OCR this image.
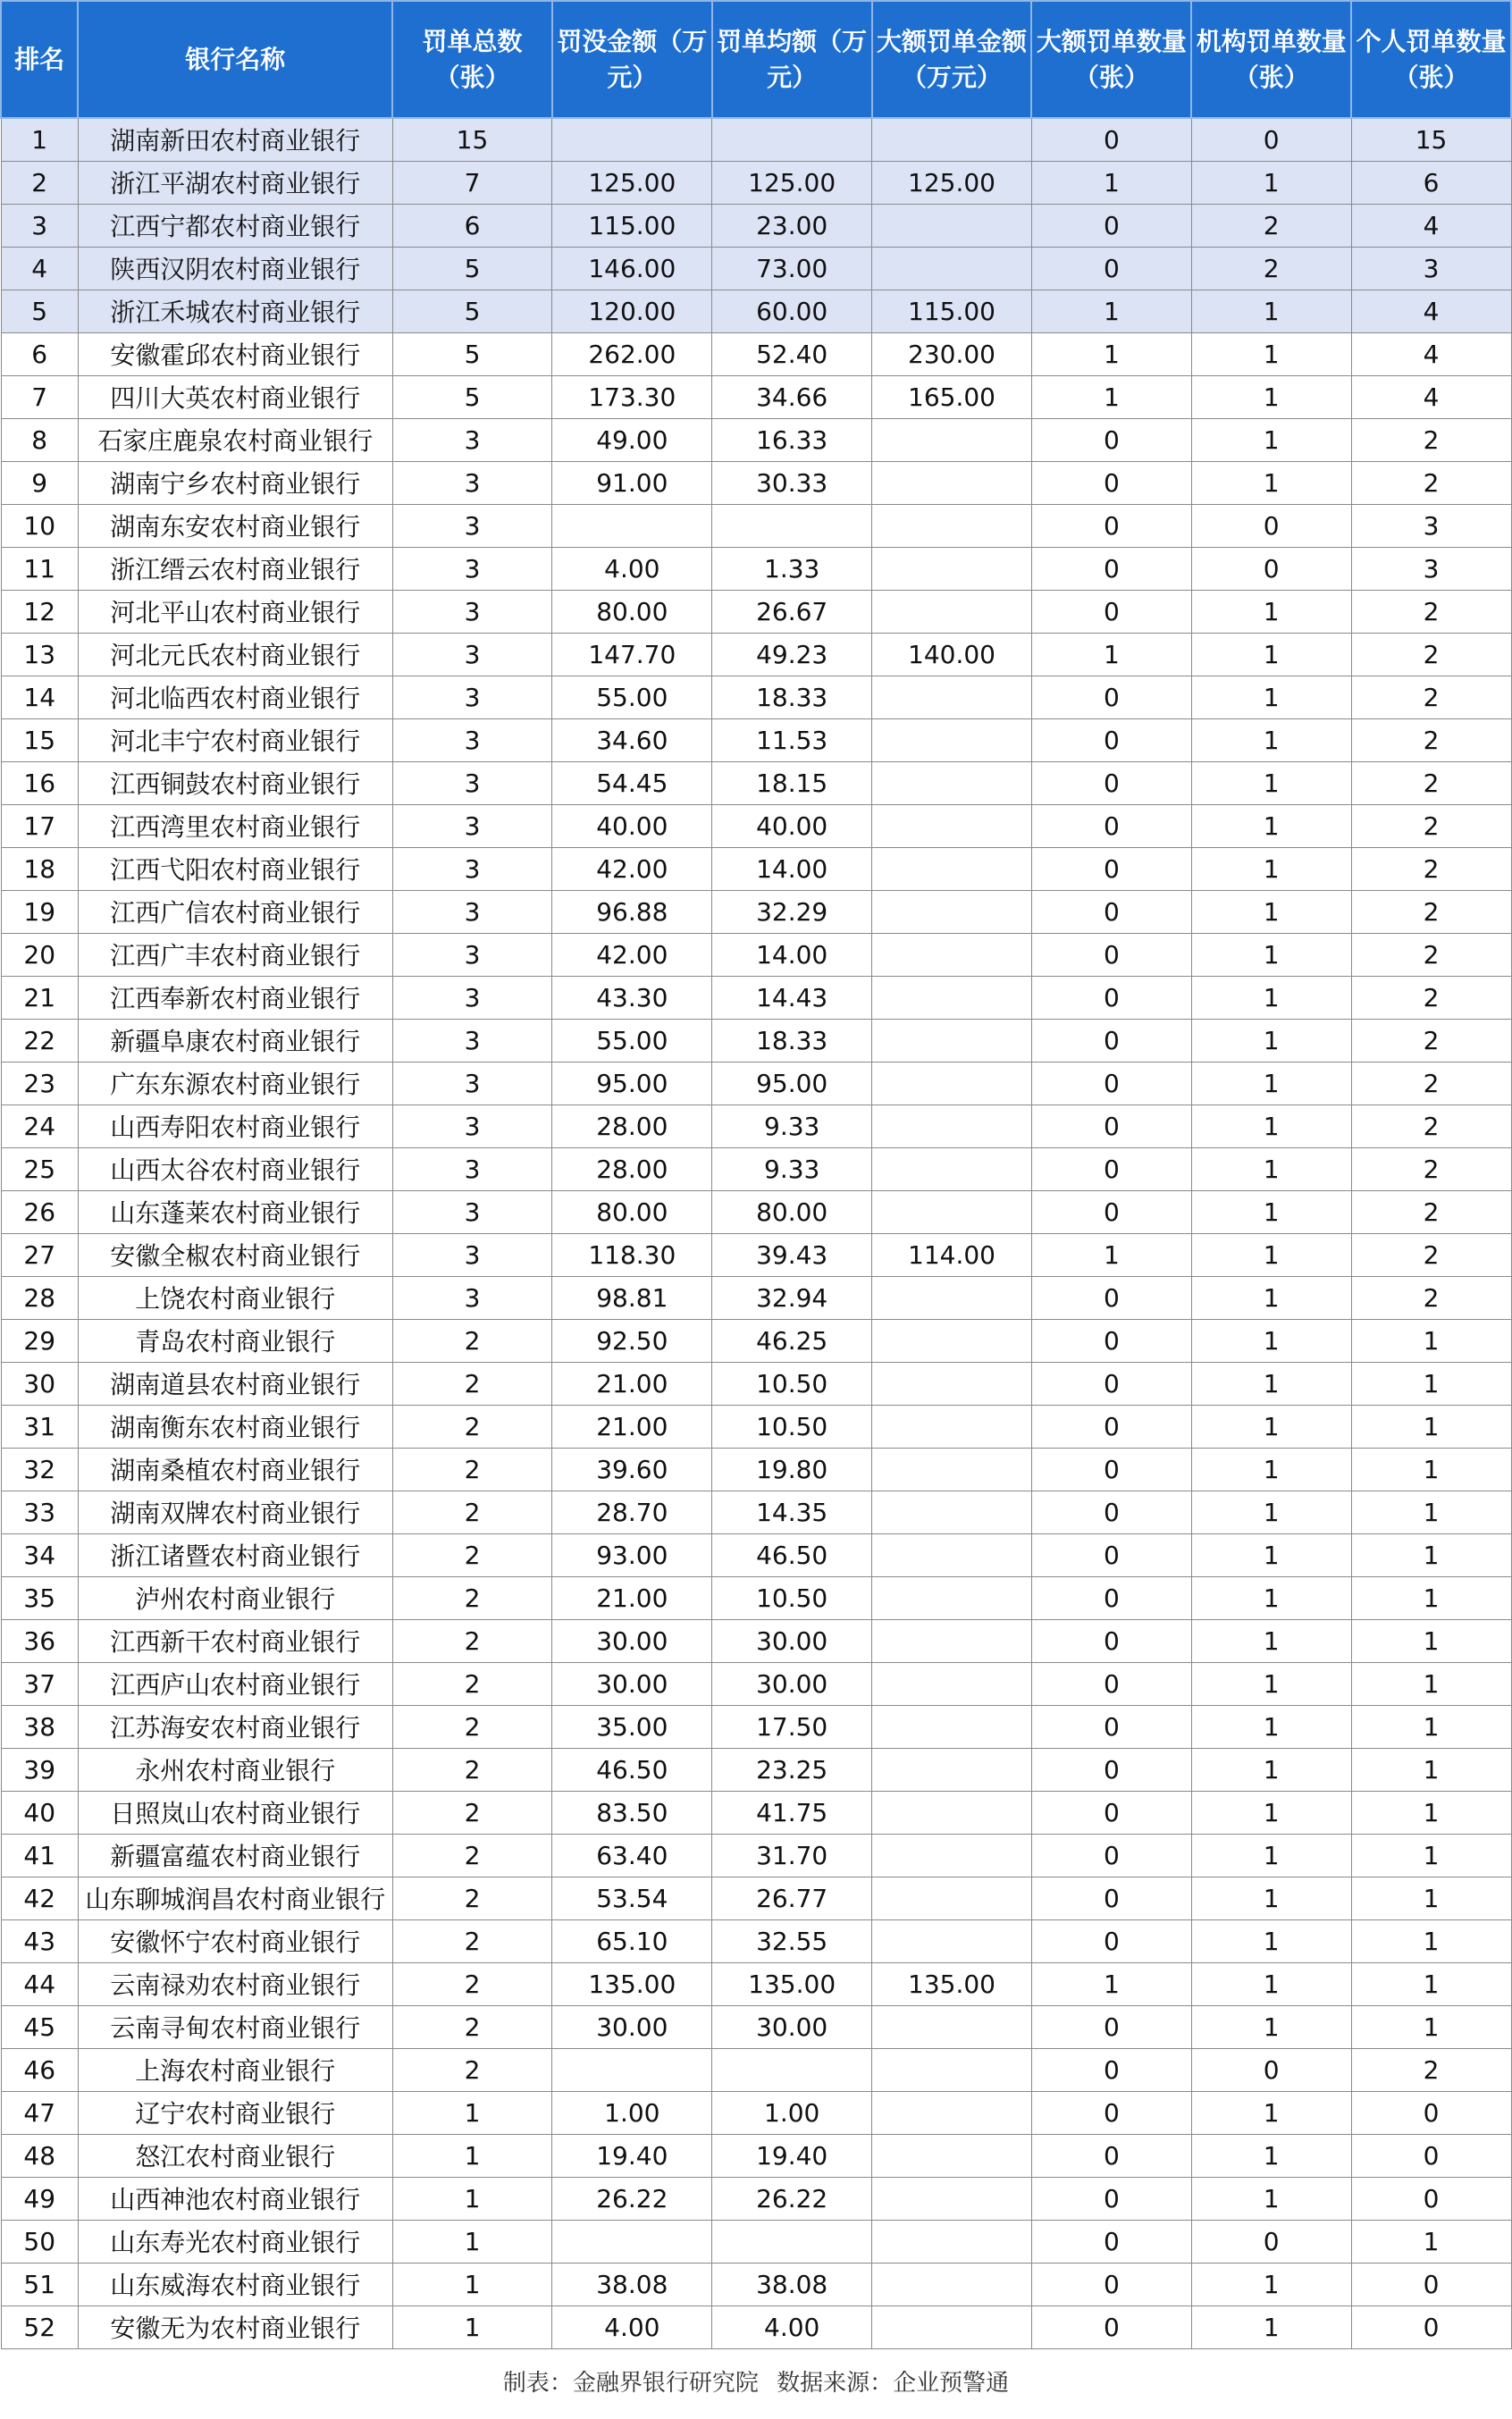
排名	银行名称	罚单总数（张）	罚没金额（万元）	罚单均额（万元）	大额罚单金额（万元）	大额罚单数量（张）	机构罚单数量（张）	个人罚单数量（张）
1	湖南新田农村商业银行	15				0	0	15
2	浙江平湖农村商业银行	7	125.00	125.00	125.00	1	1	6
3	江西宁都农村商业银行	6	115.00	23.00		0	2	4
4	陕西汉阴农村商业银行	5	146.00	73.00		0	2	3
5	浙江禾城农村商业银行	5	120.00	60.00	115.00	1	1	4
6	安徽霍邱农村商业银行	5	262.00	52.40	230.00	1	1	4
7	四川大英农村商业银行	5	173.30	34.66	165.00	1	1	4
8	石家庄鹿泉农村商业银行	3	49.00	16.33		0	1	2
9	湖南宁乡农村商业银行	3	91.00	30.33		0	1	2
10	湖南东安农村商业银行	3				0	0	3
11	浙江缙云农村商业银行	3	4.00	1.33		0	0	3
12	河北平山农村商业银行	3	80.00	26.67		0	1	2
13	河北元氏农村商业银行	3	147.70	49.23	140.00	1	1	2
14	河北临西农村商业银行	3	55.00	18.33		0	1	2
15	河北丰宁农村商业银行	3	34.60	11.53		0	1	2
16	江西铜鼓农村商业银行	3	54.45	18.15		0	1	2
17	江西湾里农村商业银行	3	40.00	40.00		0	1	2
18	江西弋阳农村商业银行	3	42.00	14.00		0	1	2
19	江西广信农村商业银行	3	96.88	32.29		0	1	2
20	江西广丰农村商业银行	3	42.00	14.00		0	1	2
21	江西奉新农村商业银行	3	43.30	14.43		0	1	2
22	新疆阜康农村商业银行	3	55.00	18.33		0	1	2
23	广东东源农村商业银行	3	95.00	95.00		0	1	2
24	山西寿阳农村商业银行	3	28.00	9.33		0	1	2
25	山西太谷农村商业银行	3	28.00	9.33		0	1	2
26	山东蓬莱农村商业银行	3	80.00	80.00		0	1	2
27	安徽全椒农村商业银行	3	118.30	39.43	114.00	1	1	2
28	上饶农村商业银行	3	98.81	32.94		0	1	2
29	青岛农村商业银行	2	92.50	46.25		0	1	1
30	湖南道县农村商业银行	2	21.00	10.50		0	1	1
31	湖南衡东农村商业银行	2	21.00	10.50		0	1	1
32	湖南桑植农村商业银行	2	39.60	19.80		0	1	1
33	湖南双牌农村商业银行	2	28.70	14.35		0	1	1
34	浙江诸暨农村商业银行	2	93.00	46.50		0	1	1
35	泸州农村商业银行	2	21.00	10.50		0	1	1
36	江西新干农村商业银行	2	30.00	30.00		0	1	1
37	江西庐山农村商业银行	2	30.00	30.00		0	1	1
38	江苏海安农村商业银行	2	35.00	17.50		0	1	1
39	永州农村商业银行	2	46.50	23.25		0	1	1
40	日照岚山农村商业银行	2	83.50	41.75		0	1	1
41	新疆富蕴农村商业银行	2	63.40	31.70		0	1	1
42	山东聊城润昌农村商业银行	2	53.54	26.77		0	1	1
43	安徽怀宁农村商业银行	2	65.10	32.55		0	1	1
44	云南禄劝农村商业银行	2	135.00	135.00	135.00	1	1	1
45	云南寻甸农村商业银行	2	30.00	30.00		0	1	1
46	上海农村商业银行	2				0	0	2
47	辽宁农村商业银行	1	1.00	1.00		0	1	0
48	怒江农村商业银行	1	19.40	19.40		0	1	0
49	山西神池农村商业银行	1	26.22	26.22		0	1	0
50	山东寿光农村商业银行	1				0	0	1
51	山东威海农村商业银行	1	38.08	38.08		0	1	0
52	安徽无为农村商业银行	1	4.00	4.00		0	1	0
制表：金融界银行研究院 数据来源：企业预警通
